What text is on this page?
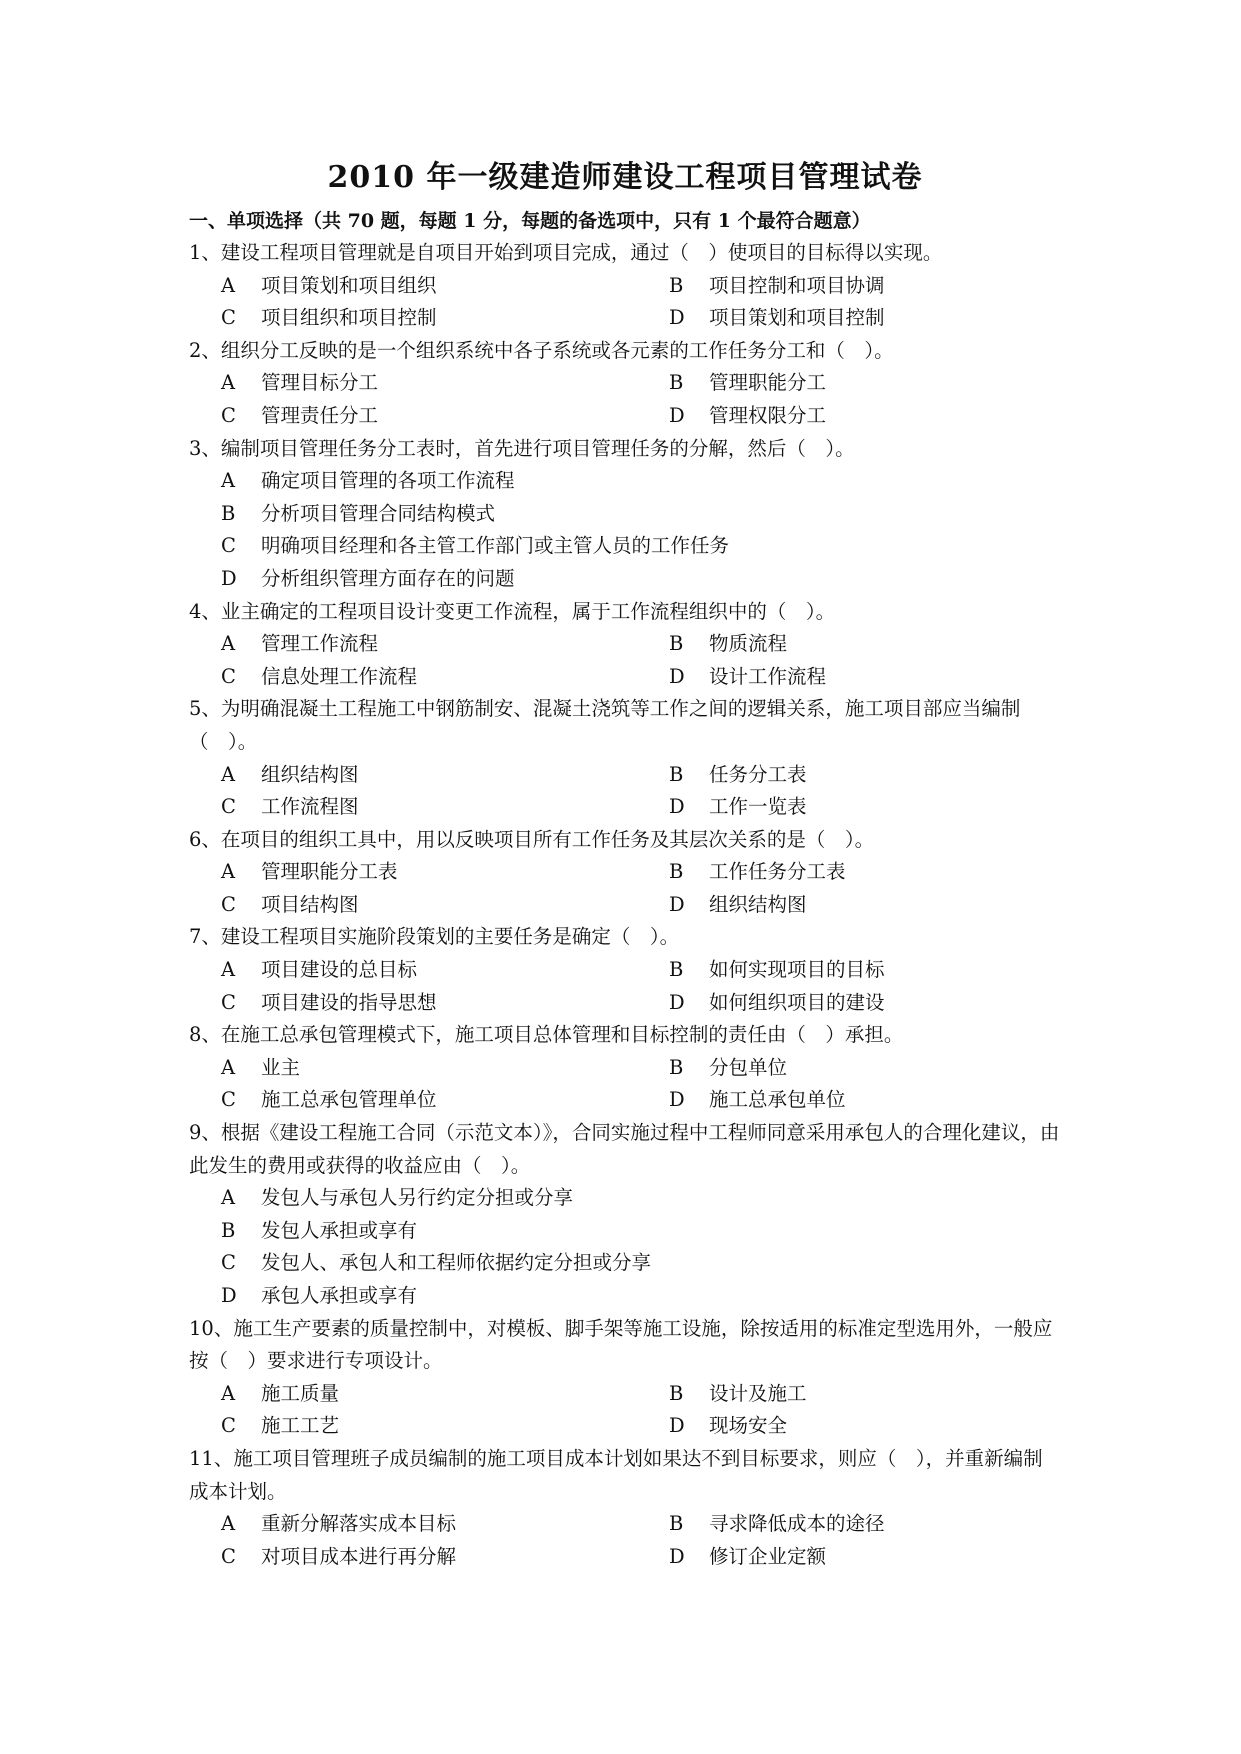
2010 年一级建造师建设工程项目管理试卷

一、单项选择（共 70 题，每题 1 分，每题的备选项中，只有 1 个最符合题意）

1、建设工程项目管理就是自项目开始到项目完成，通过（　）使项目的目标得以实现。

A 项目策划和项目组织	B 项目控制和项目协调
C 项目组织和项目控制	D 项目策划和项目控制

2、组织分工反映的是一个组织系统中各子系统或各元素的工作任务分工和（　）。

A 管理目标分工	B 管理职能分工
C 管理责任分工	D 管理权限分工

3、编制项目管理任务分工表时，首先进行项目管理任务的分解，然后（　）。

A 确定项目管理的各项工作流程
B 分析项目管理合同结构模式
C 明确项目经理和各主管工作部门或主管人员的工作任务
D 分析组织管理方面存在的问题

4、业主确定的工程项目设计变更工作流程，属于工作流程组织中的（　）。

A 管理工作流程	B 物质流程
C 信息处理工作流程	D 设计工作流程

5、为明确混凝土工程施工中钢筋制安、混凝土浇筑等工作之间的逻辑关系，施工项目部应当编制（　）。

A 组织结构图	B 任务分工表
C 工作流程图	D 工作一览表

6、在项目的组织工具中，用以反映项目所有工作任务及其层次关系的是（　）。

A 管理职能分工表	B 工作任务分工表
C 项目结构图	D 组织结构图

7、建设工程项目实施阶段策划的主要任务是确定（　）。

A 项目建设的总目标	B 如何实现项目的目标
C 项目建设的指导思想	D 如何组织项目的建设

8、在施工总承包管理模式下，施工项目总体管理和目标控制的责任由（　）承担。

A 业主	B 分包单位
C 施工总承包管理单位	D 施工总承包单位

9、根据《建设工程施工合同（示范文本）》，合同实施过程中工程师同意采用承包人的合理化建议，由此发生的费用或获得的收益应由（　）。

A 发包人与承包人另行约定分担或分享
B 发包人承担或享有
C 发包人、承包人和工程师依据约定分担或分享
D 承包人承担或享有

10、施工生产要素的质量控制中，对模板、脚手架等施工设施，除按适用的标准定型选用外，一般应按（　）要求进行专项设计。

A 施工质量	B 设计及施工
C 施工工艺	D 现场安全

11、施工项目管理班子成员编制的施工项目成本计划如果达不到目标要求，则应（　），并重新编制成本计划。

A 重新分解落实成本目标	B 寻求降低成本的途径
C 对项目成本进行再分解	D 修订企业定额
